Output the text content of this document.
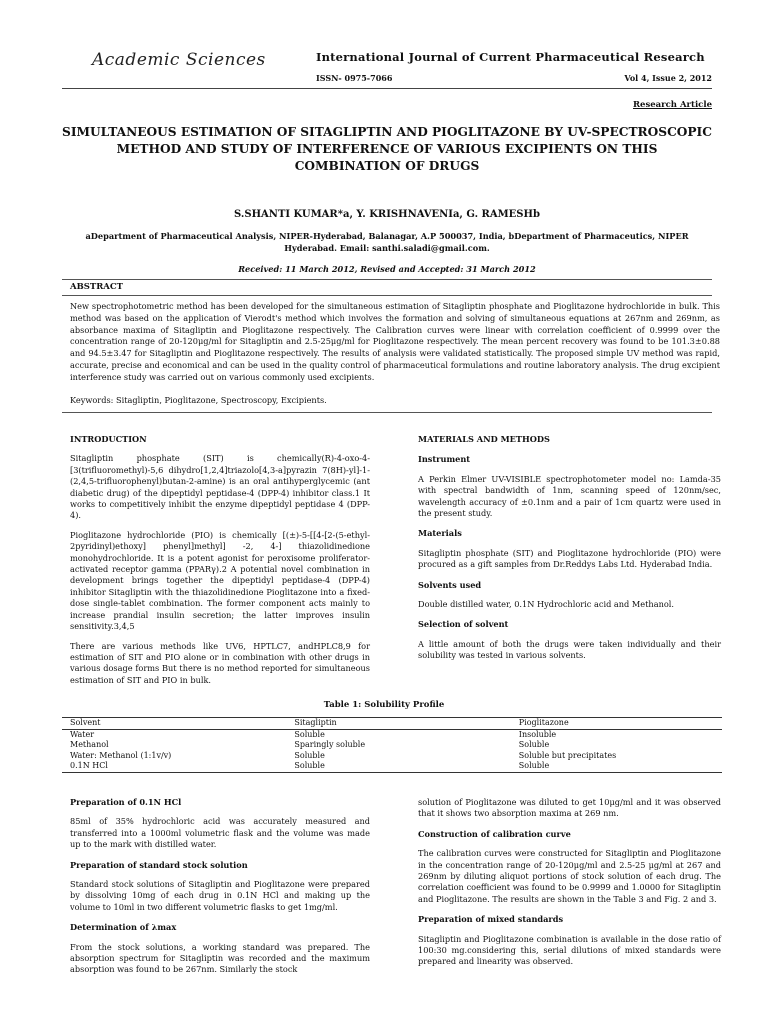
Academic Sciences	International Journal of Current Pharmaceutical Research
ISSN- 0975-7066	Vol 4, Issue 2, 2012
Research Article
SIMULTANEOUS ESTIMATION OF SITAGLIPTIN AND PIOGLITAZONE BY UV-SPECTROSCOPIC METHOD AND STUDY OF INTERFERENCE OF VARIOUS EXCIPIENTS ON THIS COMBINATION OF DRUGS
S.SHANTI KUMAR*a, Y. KRISHNAVENIa, G. RAMESHb
aDepartment of Pharmaceutical Analysis, NIPER-Hyderabad, Balanagar, A.P 500037, India, bDepartment of Pharmaceutics, NIPER Hyderabad. Email: santhi.saladi@gmail.com.
Received: 11 March 2012, Revised and Accepted: 31 March 2012
ABSTRACT
New spectrophotometric method has been developed for the simultaneous estimation of Sitagliptin phosphate and Pioglitazone hydrochloride in bulk. This method was based on the application of Vierodt's method which involves the formation and solving of simultaneous equations at 267nm and 269nm, as absorbance maxima of Sitagliptin and Pioglitazone respectively. The Calibration curves were linear with correlation coefficient of 0.9999 over the concentration range of 20-120μg/ml for Sitagliptin and 2.5-25μg/ml for Pioglitazone respectively. The mean percent recovery was found to be 101.3±0.88 and 94.5±3.47 for Sitagliptin and Pioglitazone respectively. The results of analysis were validated statistically. The proposed simple UV method was rapid, accurate, precise and economical and can be used in the quality control of pharmaceutical formulations and routine laboratory analysis. The drug excipient interference study was carried out on various commonly used excipients.
Keywords: Sitagliptin, Pioglitazone, Spectroscopy, Excipients.
INTRODUCTION
Sitagliptin phosphate (SIT) is chemically(R)-4-oxo-4-[3(trifluoromethyl)-5,6 dihydro[1,2,4]triazolo[4,3-a]pyrazin 7(8H)-yl]-1-(2,4,5-trifluorophenyl)butan-2-amine) is an oral antihyperglycemic (ant diabetic drug) of the dipeptidyl peptidase-4 (DPP-4) inhibitor class.1 It works to competitively inhibit the enzyme dipeptidyl peptidase 4 (DPP-4).
Pioglitazone hydrochloride (PIO) is chemically [(±)-5-[[4-[2-(5-ethyl-2pyridinyl)ethoxy] phenyl]methyl] -2, 4-] thiazolidinedione monohydrochloride. It is a potent agonist for peroxisome proliferator-activated receptor gamma (PPARγ).2 A potential novel combination in development brings together the dipeptidyl peptidase-4 (DPP-4) inhibitor Sitagliptin with the thiazolidinedione Pioglitazone into a fixed-dose single-tablet combination. The former component acts mainly to increase prandial insulin secretion; the latter improves insulin sensitivity.3,4,5
There are various methods like UV6, HPTLC7, andHPLC8,9 for estimation of SIT and PIO alone or in combination with other drugs in various dosage forms But there is no method reported for simultaneous estimation of SIT and PIO in bulk.
MATERIALS AND METHODS
Instrument
A Perkin Elmer UV-VISIBLE spectrophotometer model no: Lamda-35 with spectral bandwidth of 1nm, scanning speed of 120nm/sec, wavelength accuracy of ±0.1nm and a pair of 1cm quartz were used in the present study.
Materials
Sitagliptin phosphate (SIT) and Pioglitazone hydrochloride (PIO) were procured as a gift samples from Dr.Reddys Labs Ltd. Hyderabad India.
Solvents used
Double distilled water, 0.1N Hydrochloric acid and Methanol.
Selection of solvent
A little amount of both the drugs were taken individually and their solubility was tested in various solvents.
Table 1: Solubility Profile
Solvent	Sitagliptin	Pioglitazone
Water	Soluble	Insoluble
Methanol	Sparingly soluble	Soluble
Water: Methanol (1:1v/v)	Soluble	Soluble but precipitates
0.1N HCl	Soluble	Soluble
Preparation of 0.1N HCl
85ml of 35% hydrochloric acid was accurately measured and transferred into a 1000ml volumetric flask and the volume was made up to the mark with distilled water.
Preparation of standard stock solution
Standard stock solutions of Sitagliptin and Pioglitazone were prepared by dissolving 10mg of each drug in 0.1N HCl and making up the volume to 10ml in two different volumetric flasks to get 1mg/ml.
Determination of λmax
From the stock solutions, a working standard was prepared. The absorption spectrum for Sitagliptin was recorded and the maximum absorption was found to be 267nm. Similarly the stock
solution of Pioglitazone was diluted to get 10μg/ml and it was observed that it shows two absorption maxima at 269 nm.
Construction of calibration curve
The calibration curves were constructed for Sitagliptin and Pioglitazone in the concentration range of 20-120μg/ml and 2.5-25 μg/ml at 267 and 269nm by diluting aliquot portions of stock solution of each drug. The correlation coefficient was found to be 0.9999 and 1.0000 for Sitagliptin and Pioglitazone. The results are shown in the Table 3 and Fig. 2 and 3.
Preparation of mixed standards
Sitagliptin and Pioglitazone combination is available in the dose ratio of 100:30 mg.considering this, serial dilutions of mixed standards were prepared and linearity was observed.
